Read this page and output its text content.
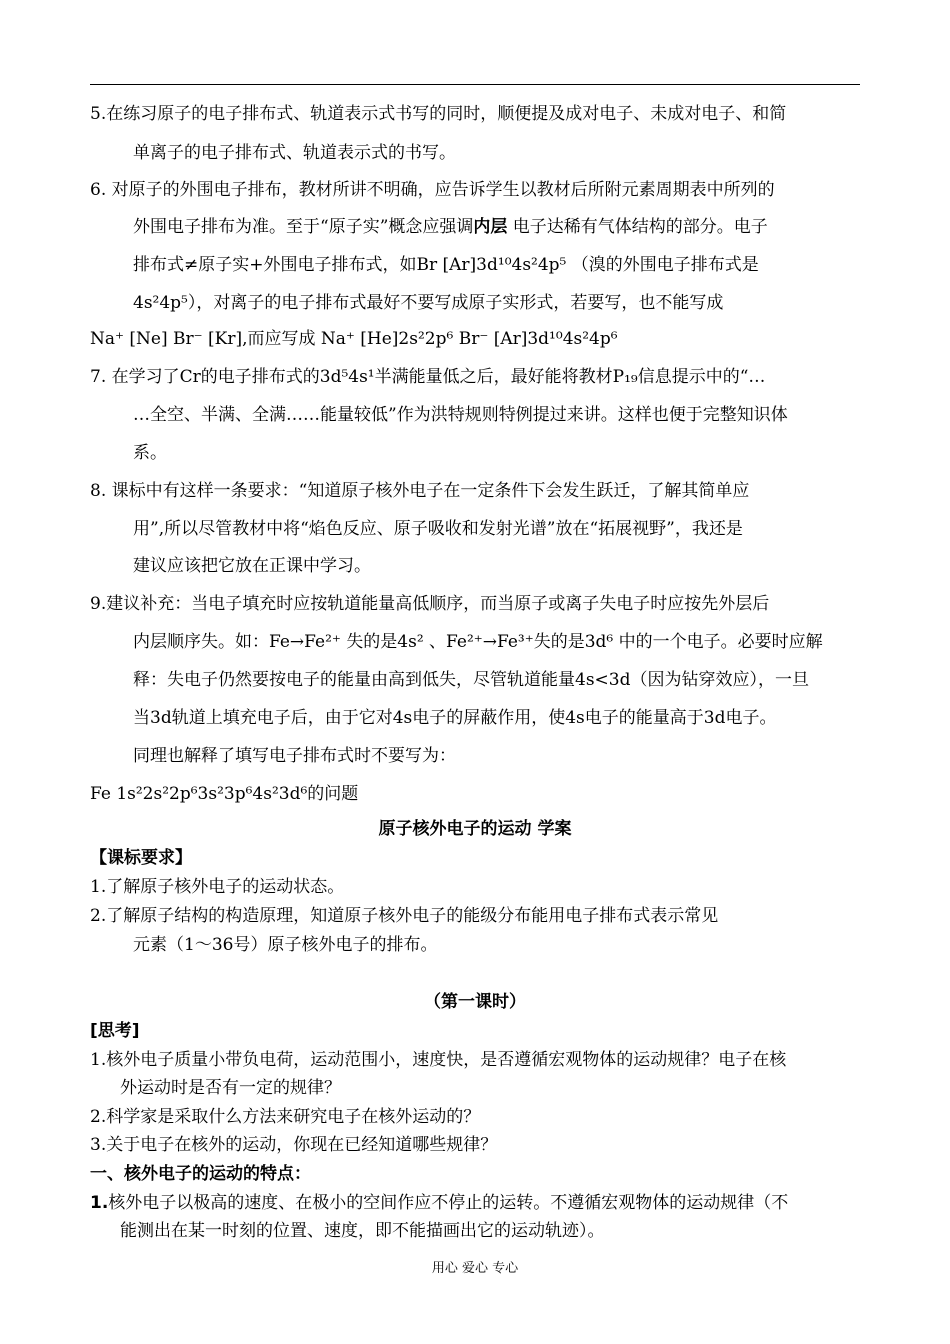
5.在练习原子的电子排布式、轨道表示式书写的同时，顺便提及成对电子、未成对电子、和简
单离子的电子排布式、轨道表示式的书写。
6. 对原子的外围电子排布，教材所讲不明确，应告诉学生以教材后所附元素周期表中所列的
外围电子排布为准。至于“原子实”概念应强调内层 电子达稀有气体结构的部分。电子
排布式≠原子实+外围电子排布式，如Br [Ar]3d¹⁰4s²4p⁵ （溴的外围电子排布式是
4s²4p⁵），对离子的电子排布式最好不要写成原子实形式，若要写，也不能写成
Na⁺ [Ne] Br⁻ [Kr],而应写成 Na⁺ [He]2s²2p⁶ Br⁻ [Ar]3d¹⁰4s²4p⁶
7. 在学习了Cr的电子排布式的3d⁵4s¹半满能量低之后，最好能将教材P₁₉信息提示中的“…
…全空、半满、全满……能量较低”作为洪特规则特例提过来讲。这样也便于完整知识体
系。
8. 课标中有这样一条要求：“知道原子核外电子在一定条件下会发生跃迁，了解其简单应
用”,所以尽管教材中将“焰色反应、原子吸收和发射光谱”放在“拓展视野”，我还是
建议应该把它放在正课中学习。
9.建议补充：当电子填充时应按轨道能量高低顺序，而当原子或离子失电子时应按先外层后
内层顺序失。如：Fe→Fe²⁺ 失的是4s² 、Fe²⁺→Fe³⁺失的是3d⁶ 中的一个电子。必要时应解
释：失电子仍然要按电子的能量由高到低失，尽管轨道能量4s<3d（因为钻穿效应），一旦
当3d轨道上填充电子后，由于它对4s电子的屏蔽作用，使4s电子的能量高于3d电子。
同理也解释了填写电子排布式时不要写为：
Fe 1s²2s²2p⁶3s²3p⁶4s²3d⁶的问题
原子核外电子的运动 学案
【课标要求】
1.了解原子核外电子的运动状态。
2.了解原子结构的构造原理，知道原子核外电子的能级分布能用电子排布式表示常见
元素（1～36号）原子核外电子的排布。
（第一课时）
[思考]
1.核外电子质量小带负电荷，运动范围小，速度快，是否遵循宏观物体的运动规律？电子在核
外运动时是否有一定的规律？
2.科学家是采取什么方法来研究电子在核外运动的？
3.关于电子在核外的运动，你现在已经知道哪些规律？
一、核外电子的运动的特点：
1.核外电子以极高的速度、在极小的空间作应不停止的运转。不遵循宏观物体的运动规律（不
能测出在某一时刻的位置、速度，即不能描画出它的运动轨迹）。
用心 爱心 专心
